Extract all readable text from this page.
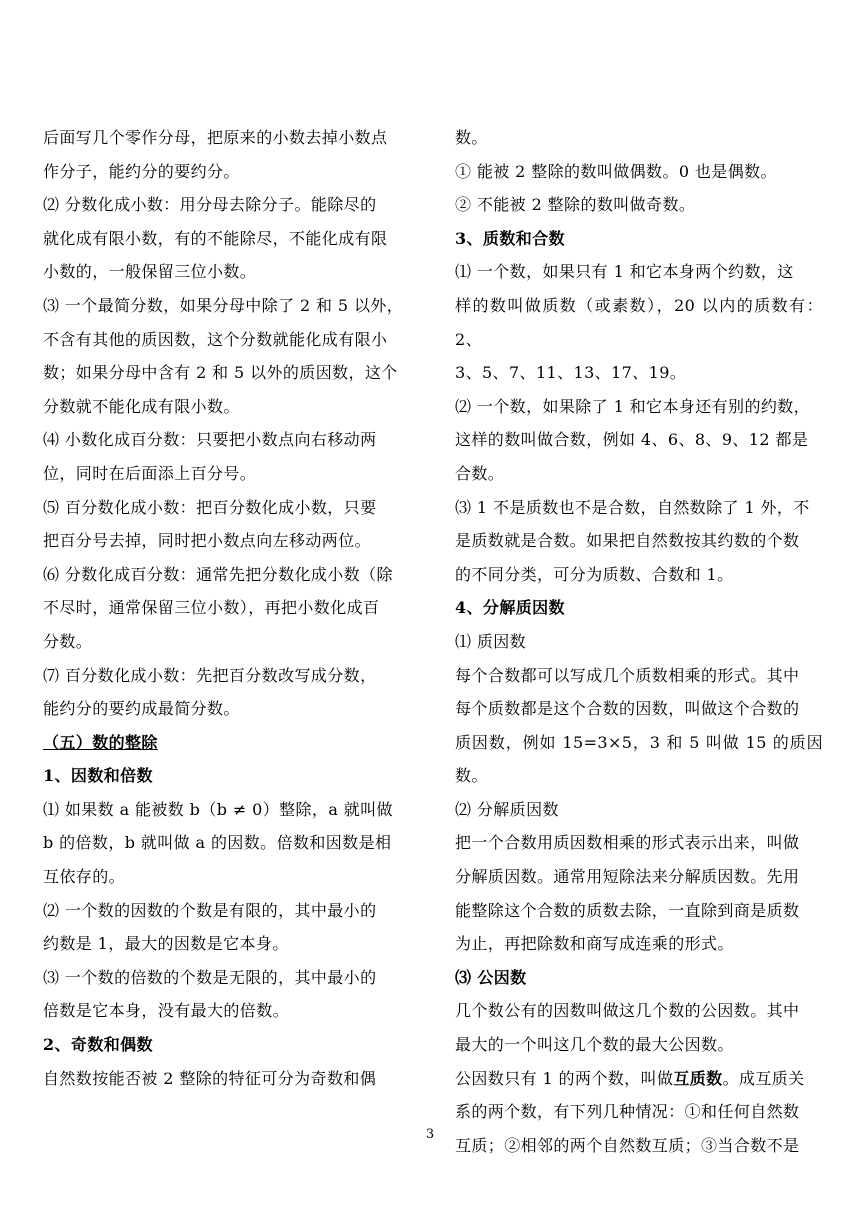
后面写几个零作分母，把原来的小数去掉小数点

作分子，能约分的要约分。

⑵ 分数化成小数：用分母去除分子。能除尽的

就化成有限小数，有的不能除尽，不能化成有限

小数的，一般保留三位小数。

⑶ 一个最简分数，如果分母中除了 2 和 5 以外，

不含有其他的质因数，这个分数就能化成有限小

数；如果分母中含有 2 和 5 以外的质因数，这个

分数就不能化成有限小数。

⑷ 小数化成百分数：只要把小数点向右移动两

位，同时在后面添上百分号。

⑸ 百分数化成小数：把百分数化成小数，只要

把百分号去掉，同时把小数点向左移动两位。

⑹ 分数化成百分数：通常先把分数化成小数（除

不尽时，通常保留三位小数），再把小数化成百

分数。

⑺ 百分数化成小数：先把百分数改写成分数，

能约分的要约成最简分数。

（五）数的整除

1、因数和倍数

⑴ 如果数 a 能被数 b（b ≠ 0）整除，a 就叫做

b 的倍数，b 就叫做 a 的因数。倍数和因数是相

互依存的。

⑵ 一个数的因数的个数是有限的，其中最小的

约数是 1，最大的因数是它本身。

⑶ 一个数的倍数的个数是无限的，其中最小的

倍数是它本身，没有最大的倍数。

2、奇数和偶数

自然数按能否被 2 整除的特征可分为奇数和偶

数。

① 能被 2 整除的数叫做偶数。0 也是偶数。

② 不能被 2 整除的数叫做奇数。

3、质数和合数

⑴ 一个数，如果只有 1 和它本身两个约数，这

样的数叫做质数（或素数），20 以内的质数有：2、

3、5、7、11、13、17、19。

⑵ 一个数，如果除了 1 和它本身还有别的约数，

这样的数叫做合数，例如 4、6、8、9、12 都是

合数。

⑶ 1 不是质数也不是合数，自然数除了 1 外，不

是质数就是合数。如果把自然数按其约数的个数

的不同分类，可分为质数、合数和 1。

4、分解质因数

⑴ 质因数

每个合数都可以写成几个质数相乘的形式。其中

每个质数都是这个合数的因数，叫做这个合数的

质因数，例如 15=3×5，3 和 5 叫做 15 的质因数。

⑵ 分解质因数

把一个合数用质因数相乘的形式表示出来，叫做

分解质因数。通常用短除法来分解质因数。先用

能整除这个合数的质数去除，一直除到商是质数

为止，再把除数和商写成连乘的形式。

⑶ 公因数

几个数公有的因数叫做这几个数的公因数。其中

最大的一个叫这几个数的最大公因数。

公因数只有 1 的两个数，叫做互质数。成互质关

系的两个数，有下列几种情况：①和任何自然数

互质；②相邻的两个自然数互质；③当合数不是

3
